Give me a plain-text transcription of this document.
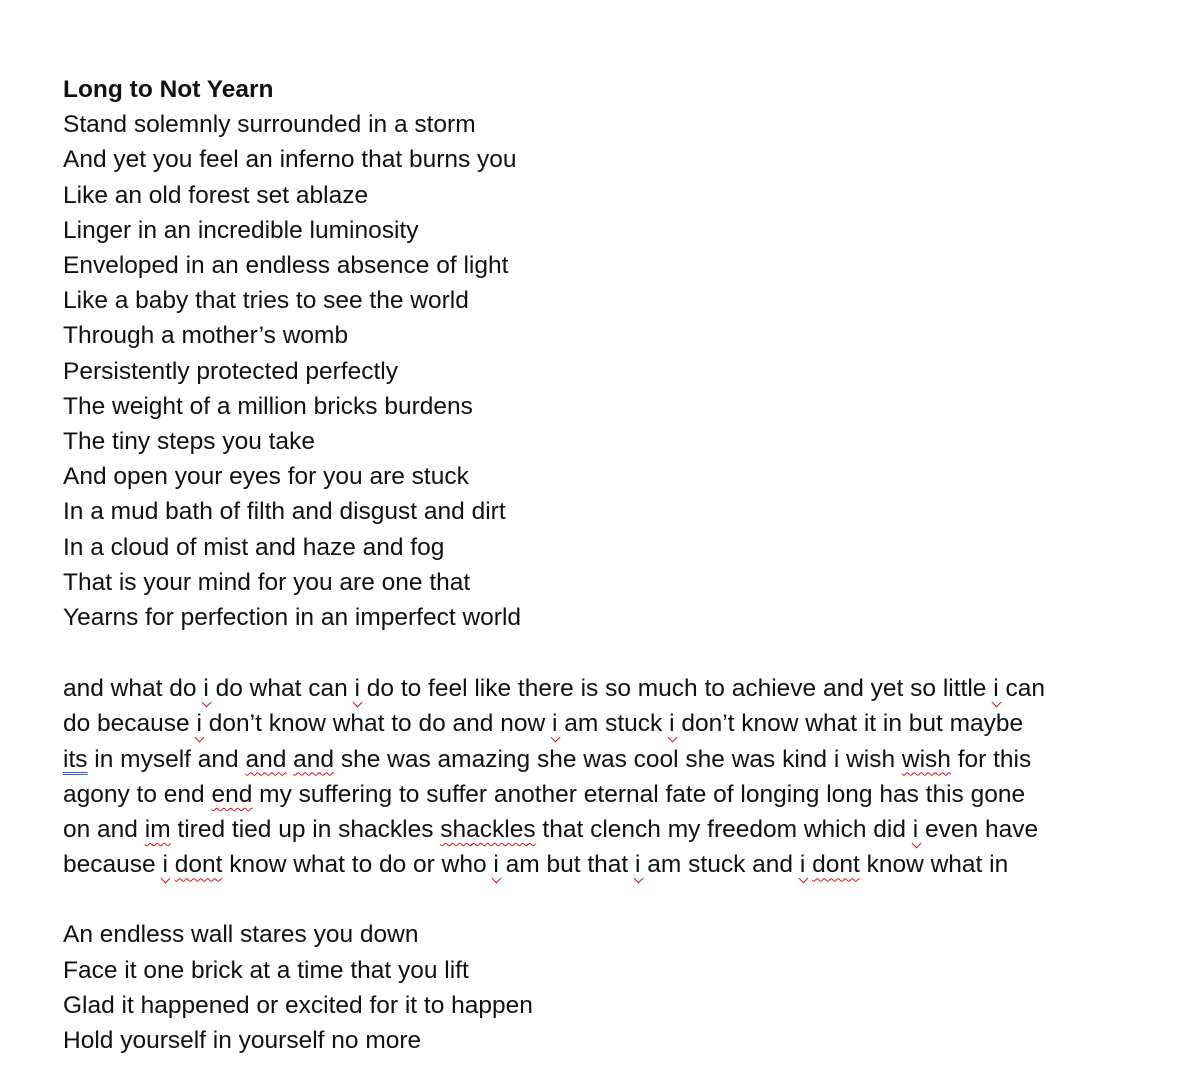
Long to Not Yearn
Stand solemnly surrounded in a storm
And yet you feel an inferno that burns you
Like an old forest set ablaze
Linger in an incredible luminosity
Enveloped in an endless absence of light
Like a baby that tries to see the world
Through a mother’s womb
Persistently protected perfectly
The weight of a million bricks burdens
The tiny steps you take
And open your eyes for you are stuck
In a mud bath of filth and disgust and dirt
In a cloud of mist and haze and fog
That is your mind for you are one that
Yearns for perfection in an imperfect world
and what do i do what can i do to feel like there is so much to achieve and yet so little i can
do because i don’t know what to do and now i am stuck i don’t know what it in but maybe
its in myself and and and she was amazing she was cool she was kind i wish wish for this
agony to end end my suffering to suffer another eternal fate of longing long has this gone
on and im tired tied up in shackles shackles that clench my freedom which did i even have
because i dont know what to do or who i am but that i am stuck and i dont know what in
An endless wall stares you down
Face it one brick at a time that you lift
Glad it happened or excited for it to happen
Hold yourself in yourself no more
